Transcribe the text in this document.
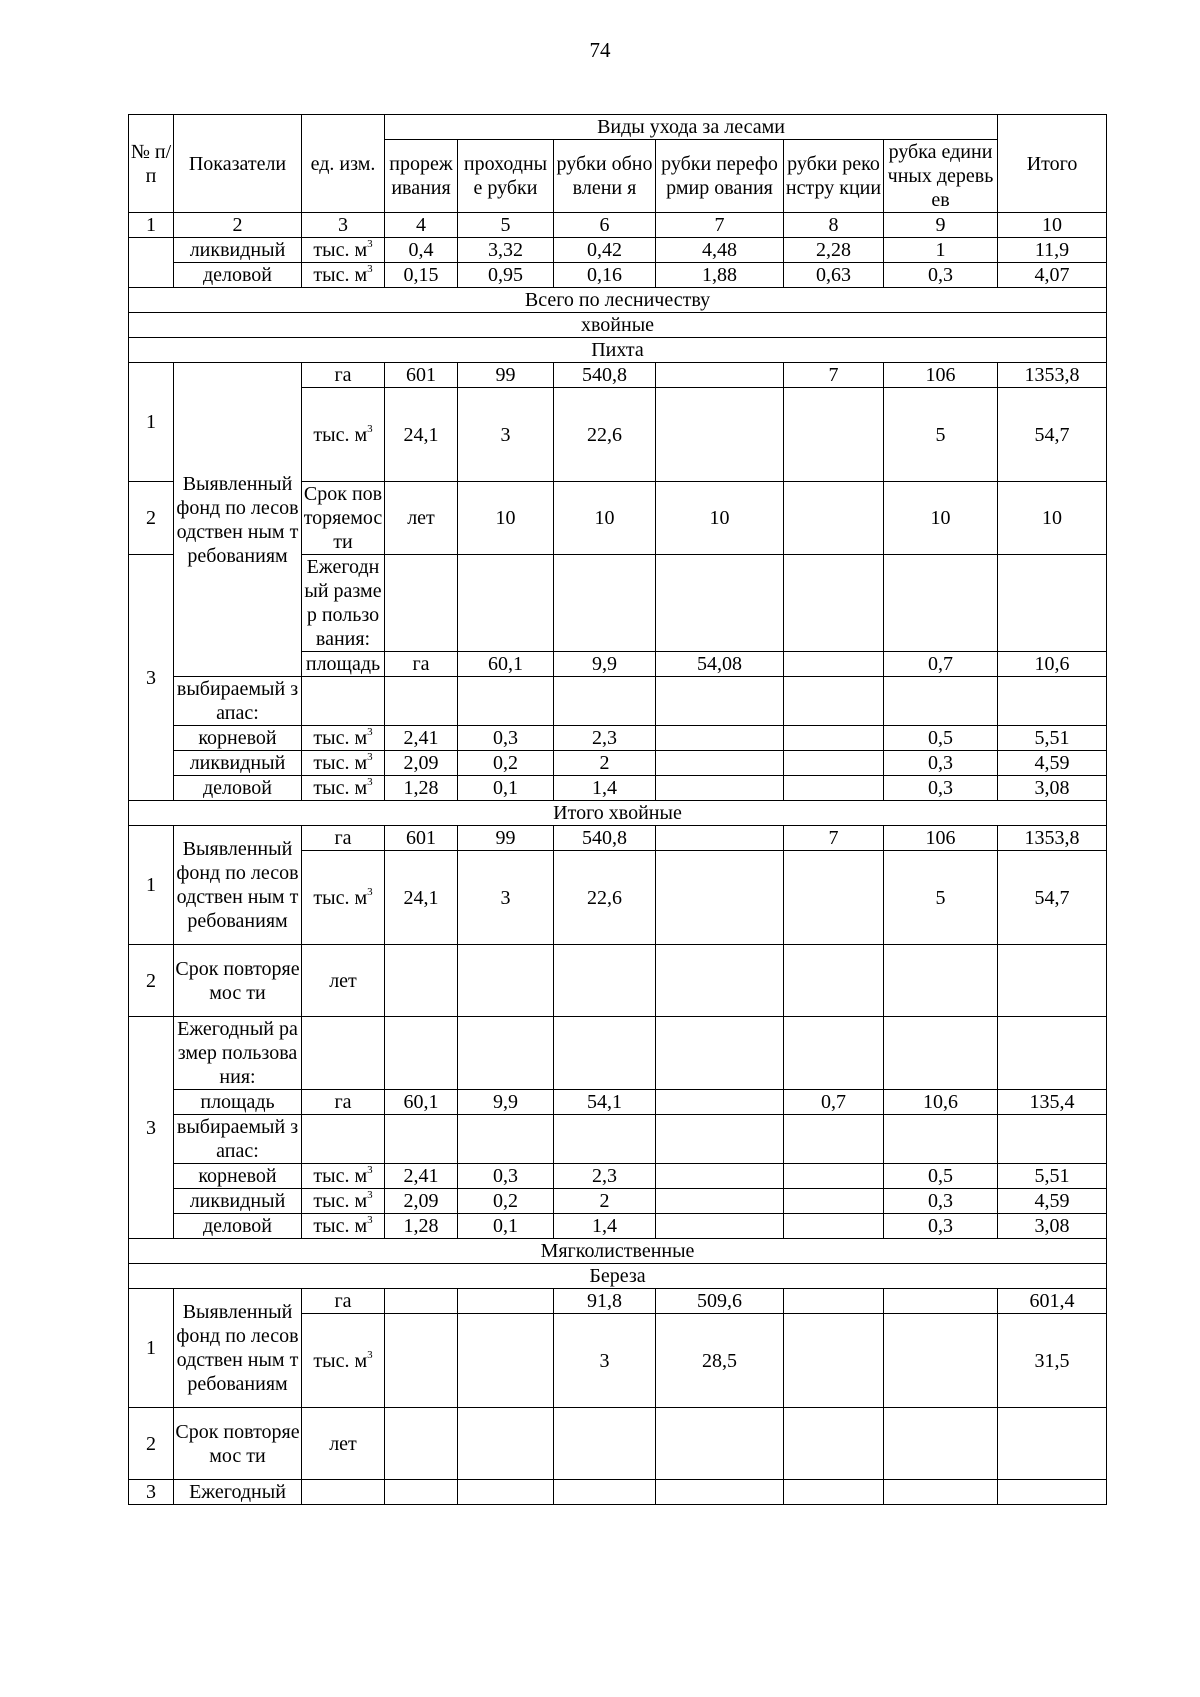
74
№ п/п	Показатели	ед. изм.	Виды ухода за лесами						Итого	
			прореж ивания	проходны е рубки	рубки обновлени я	рубки переформир ования	рубки реконстру кции	рубка единичных деревьев		

1	2	3	4	5	6	7	8	9	10	
	ликвидный	тыс. $м^3$	0,4	3,32	0,42	4,48	2,28	1	11,9	
	деловой	тыс. $м^3$	0,15	0,95	0,16	1,88	0,63	0,3	4,07	
Всего по лесничеству										
хвойные										
Пихта										
1	Выявленный фонд по лесоводствен ным требованиям	га	601	99	540,8		7	106	1353,8	
		тыс. $м^3$	24,1	3	22,6			5	54,7	
2		Срок повторяемос ти	лет	10	10	10		10	10	
3		Ежегодный размер пользования:								
		площадь	га	60,1	9,9	54,08		0,7	10,6	
	выбираемый запас:									
	корневой	тыс. $м^3$	2,41	0,3	2,3			0,5	5,51	
	ликвидный	тыс. $м^3$	2,09	0,2	2			0,3	4,59	
	деловой	тыс. $м^3$	1,28	0,1	1,4			0,3	3,08	
Итого хвойные										
1	Выявленный фонд по лесоводствен ным требованиям	га	601	99	540,8		7	106	1353,8	
		тыс. $м^3$	24,1	3	22,6			5	54,7	
2	Срок повторяемос ти	лет								
3	Ежегодный размер пользования:									
	площадь	га	60,1	9,9	54,1		0,7	10,6	135,4	
	выбираемый запас:									
	корневой	тыс. $м^3$	2,41	0,3	2,3			0,5	5,51	
	ликвидный	тыс. $м^3$	2,09	0,2	2			0,3	4,59	
	деловой	тыс. $м^3$	1,28	0,1	1,4			0,3	3,08	
Мягколиственные										
Береза										
1	Выявленный фонд по лесоводствен ным требованиям	га			91,8	509,6			601,4	
		тыс. $м^3$			3	28,5			31,5	
2	Срок повторяемос ти	лет								
3	Ежегодный									
